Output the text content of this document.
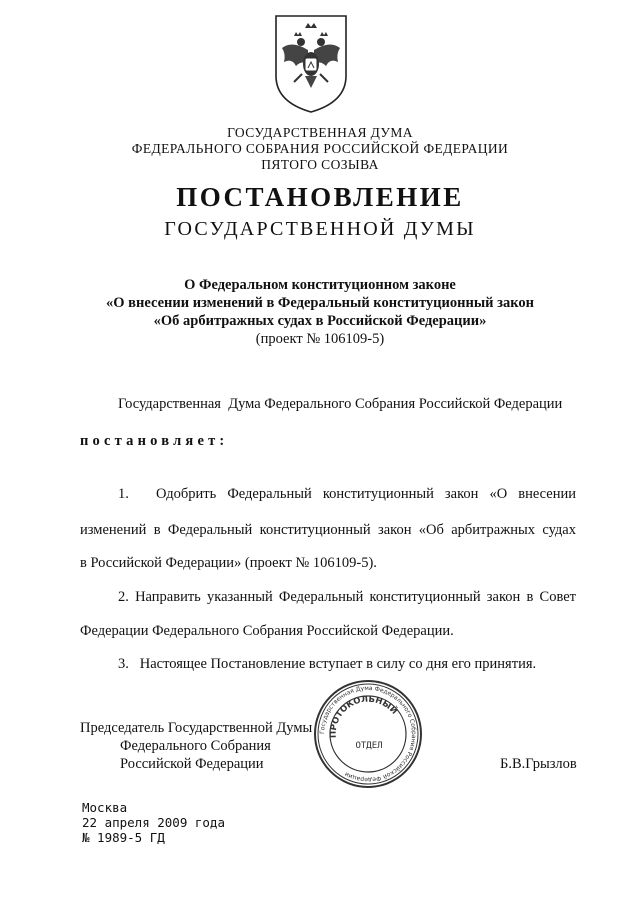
ГОСУДАРСТВЕННАЯ ДУМА
ФЕДЕРАЛЬНОГО СОБРАНИЯ РОССИЙСКОЙ ФЕДЕРАЦИИ
ПЯТОГО СОЗЫВА
ПОСТАНОВЛЕНИЕ
ГОСУДАРСТВЕННОЙ ДУМЫ
О Федеральном конституционном законе
«О внесении изменений в Федеральный конституционный закон
«Об арбитражных судах в Российской Федерации»
(проект № 106109-5)
Государственная  Дума Федерального Собрания Российской Федерации
постановляет:
1. Одобрить Федеральный конституционный закон «О внесении
изменений в Федеральный конституционный закон «Об арбитражных судах
в Российской Федерации» (проект № 106109-5).
2. Направить указанный Федеральный конституционный закон в Совет
Федерации Федерального Собрания Российской Федерации.
3.   Настоящее Постановление вступает в силу со дня его принятия.
Государственная Дума Федерального Собрания Российской Федерации
ПРОТОКОЛЬНЫЙ
ОТДЕЛ
Председатель Государственной Думы
Федерального Собрания
Российской Федерации	Б.В.Грызлов
Москва
22 апреля 2009 года
№ 1989-5 ГД
